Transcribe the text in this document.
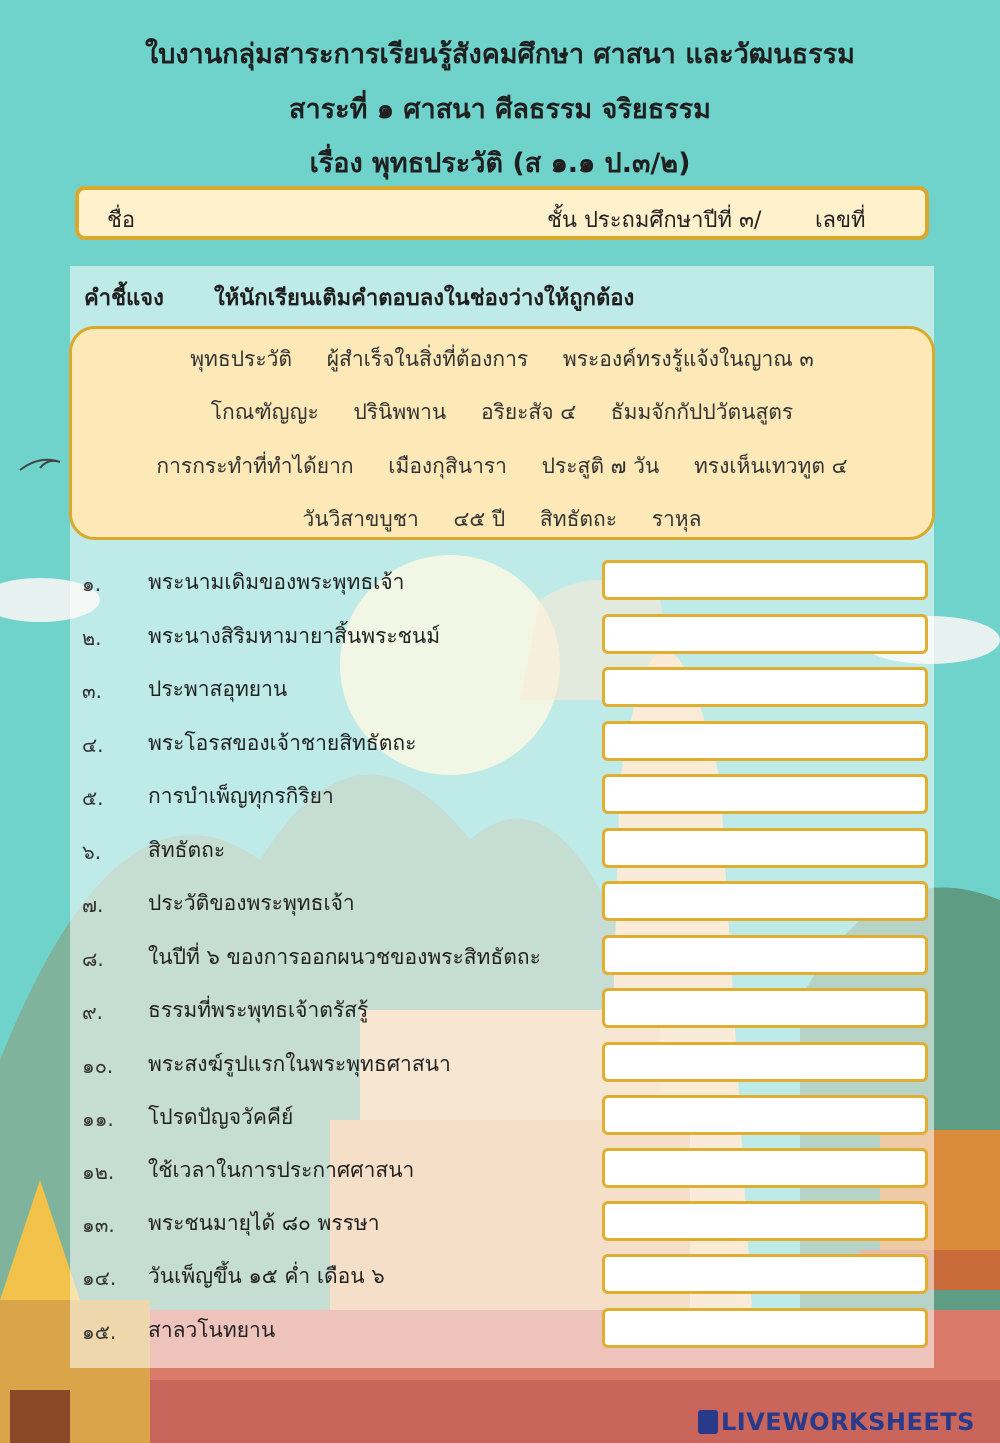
ใบงานกลุ่มสาระการเรียนรู้สังคมศึกษา ศาสนา และวัฒนธรรม
สาระที่ ๑ ศาสนา ศีลธรรม จริยธรรม
เรื่อง พุทธประวัติ (ส ๑.๑ ป.๓/๒)
ชื่อ	ชั้น ประถมศึกษาปีที่ ๓/ เลขที่
คำชี้แจง ให้นักเรียนเติมคำตอบลงในช่องว่างให้ถูกต้อง
พุทธประวัติ ผู้สำเร็จในสิ่งที่ต้องการ พระองค์ทรงรู้แจ้งในญาณ ๓
โกณฑัญญะ ปรินิพพาน อริยะสัจ ๔ ธัมมจักกัปปวัตนสูตร
การกระทำที่ทำได้ยาก เมืองกุสินารา ประสูติ ๗ วัน ทรงเห็นเทวทูต ๔
วันวิสาขบูชา ๔๕ ปี สิทธัตถะ ราหุล
๑. พระนามเดิมของพระพุทธเจ้า
๒. พระนางสิริมหามายาสิ้นพระชนม์
๓. ประพาสอุทยาน
๔. พระโอรสของเจ้าชายสิทธัตถะ
๕. การบำเพ็ญทุกรกิริยา
๖. สิทธัตถะ
๗. ประวัติของพระพุทธเจ้า
๘. ในปีที่ ๖ ของการออกผนวชของพระสิทธัตถะ
๙. ธรรมที่พระพุทธเจ้าตรัสรู้
๑๐. พระสงฆ์รูปแรกในพระพุทธศาสนา
๑๑. โปรดปัญจวัคคีย์
๑๒. ใช้เวลาในการประกาศศาสนา
๑๓. พระชนมายุได้ ๘๐ พรรษา
๑๔. วันเพ็ญขึ้น ๑๕ ค่ำ เดือน ๖
๑๕. สาลวโนทยาน
LIVEWORKSHEETS
